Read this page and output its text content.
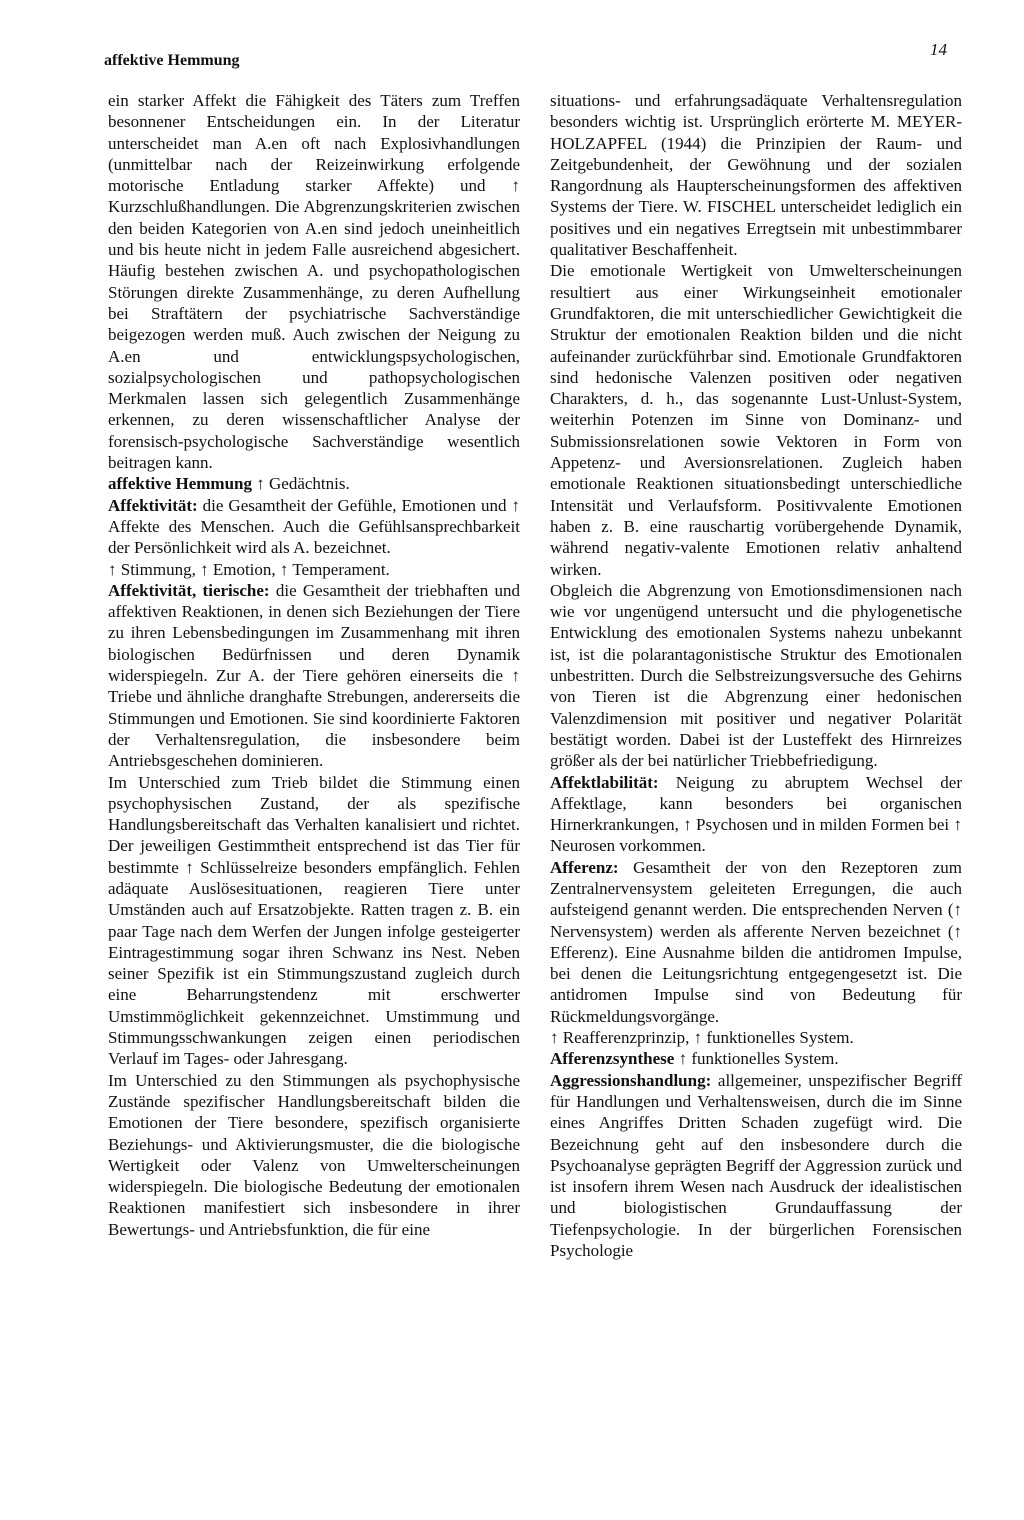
affektive Hemmung
14

ein starker Affekt die Fähigkeit des Täters zum Treffen besonnener Entscheidungen ein. In der Literatur unterscheidet man A.en oft nach Explosivhandlungen (unmittelbar nach der Reizeinwirkung erfolgende motorische Entladung starker Affekte) und ↑ Kurzschlußhandlungen. Die Abgrenzungskriterien zwischen den beiden Kategorien von A.en sind jedoch uneinheitlich und bis heute nicht in jedem Falle ausreichend abgesichert. Häufig bestehen zwischen A. und psychopathologischen Störungen direkte Zusammenhänge, zu deren Aufhellung bei Straftätern der psychiatrische Sachverständige beigezogen werden muß. Auch zwischen der Neigung zu A.en und entwicklungspsychologischen, sozialpsychologischen und pathopsychologischen Merkmalen lassen sich gelegentlich Zusammenhänge erkennen, zu deren wissenschaftlicher Analyse der forensisch-psychologische Sachverständige wesentlich beitragen kann.

affektive Hemmung ↑ Gedächtnis.

Affektivität: die Gesamtheit der Gefühle, Emotionen und ↑ Affekte des Menschen. Auch die Gefühlsansprechbarkeit der Persönlichkeit wird als A. bezeichnet.

↑ Stimmung, ↑ Emotion, ↑ Temperament.

Affektivität, tierische: die Gesamtheit der triebhaften und affektiven Reaktionen, in denen sich Beziehungen der Tiere zu ihren Lebensbedingungen im Zusammenhang mit ihren biologischen Bedürfnissen und deren Dynamik widerspiegeln. Zur A. der Tiere gehören einerseits die ↑ Triebe und ähnliche dranghafte Strebungen, andererseits die Stimmungen und Emotionen. Sie sind koordinierte Faktoren der Verhaltensregulation, die insbesondere beim Antriebsgeschehen dominieren.

Im Unterschied zum Trieb bildet die Stimmung einen psychophysischen Zustand, der als spezifische Handlungsbereitschaft das Verhalten kanalisiert und richtet. Der jeweiligen Gestimmtheit entsprechend ist das Tier für bestimmte ↑ Schlüsselreize besonders empfänglich. Fehlen adäquate Auslösesituationen, reagieren Tiere unter Umständen auch auf Ersatzobjekte. Ratten tragen z. B. ein paar Tage nach dem Werfen der Jungen infolge gesteigerter Eintragestimmung sogar ihren Schwanz ins Nest. Neben seiner Spezifik ist ein Stimmungszustand zugleich durch eine Beharrungstendenz mit erschwerter Umstimmöglichkeit gekennzeichnet. Umstimmung und Stimmungsschwankungen zeigen einen periodischen Verlauf im Tages- oder Jahresgang.

Im Unterschied zu den Stimmungen als psychophysische Zustände spezifischer Handlungsbereitschaft bilden die Emotionen der Tiere besondere, spezifisch organisierte Beziehungs- und Aktivierungsmuster, die die biologische Wertigkeit oder Valenz von Umwelterscheinungen widerspiegeln. Die biologische Bedeutung der emotionalen Reaktionen manifestiert sich insbesondere in ihrer Bewertungs- und Antriebsfunktion, die für eine

situations- und erfahrungsadäquate Verhaltensregulation besonders wichtig ist. Ursprünglich erörterte M. MEYER-HOLZAPFEL (1944) die Prinzipien der Raum- und Zeitgebundenheit, der Gewöhnung und der sozialen Rangordnung als Haupterscheinungsformen des affektiven Systems der Tiere. W. FISCHEL unterscheidet lediglich ein positives und ein negatives Erregtsein mit unbestimmbarer qualitativer Beschaffenheit.

Die emotionale Wertigkeit von Umwelterscheinungen resultiert aus einer Wirkungseinheit emotionaler Grundfaktoren, die mit unterschiedlicher Gewichtigkeit die Struktur der emotionalen Reaktion bilden und die nicht aufeinander zurückführbar sind. Emotionale Grundfaktoren sind hedonische Valenzen positiven oder negativen Charakters, d. h., das sogenannte Lust-Unlust-System, weiterhin Potenzen im Sinne von Dominanz- und Submissionsrelationen sowie Vektoren in Form von Appetenz- und Aversionsrelationen. Zugleich haben emotionale Reaktionen situationsbedingt unterschiedliche Intensität und Verlaufsform. Positivvalente Emotionen haben z. B. eine rauschartig vorübergehende Dynamik, während negativ-valente Emotionen relativ anhaltend wirken.

Obgleich die Abgrenzung von Emotionsdimensionen nach wie vor ungenügend untersucht und die phylogenetische Entwicklung des emotionalen Systems nahezu unbekannt ist, ist die polarantagonistische Struktur des Emotionalen unbestritten. Durch die Selbstreizungsversuche des Gehirns von Tieren ist die Abgrenzung einer hedonischen Valenzdimension mit positiver und negativer Polarität bestätigt worden. Dabei ist der Lusteffekt des Hirnreizes größer als der bei natürlicher Triebbefriedigung.

Affektlabilität: Neigung zu abruptem Wechsel der Affektlage, kann besonders bei organischen Hirnerkrankungen, ↑ Psychosen und in milden Formen bei ↑ Neurosen vorkommen.

Afferenz: Gesamtheit der von den Rezeptoren zum Zentralnervensystem geleiteten Erregungen, die auch aufsteigend genannt werden. Die entsprechenden Nerven (↑ Nervensystem) werden als afferente Nerven bezeichnet (↑ Efferenz). Eine Ausnahme bilden die antidromen Impulse, bei denen die Leitungsrichtung entgegengesetzt ist. Die antidromen Impulse sind von Bedeutung für Rückmeldungsvorgänge.

↑ Reafferenzprinzip, ↑ funktionelles System.

Afferenzsynthese ↑ funktionelles System.

Aggressionshandlung: allgemeiner, unspezifischer Begriff für Handlungen und Verhaltensweisen, durch die im Sinne eines Angriffes Dritten Schaden zugefügt wird. Die Bezeichnung geht auf den insbesondere durch die Psychoanalyse geprägten Begriff der Aggression zurück und ist insofern ihrem Wesen nach Ausdruck der idealistischen und biologistischen Grundauffassung der Tiefenpsychologie. In der bürgerlichen Forensischen Psychologie
